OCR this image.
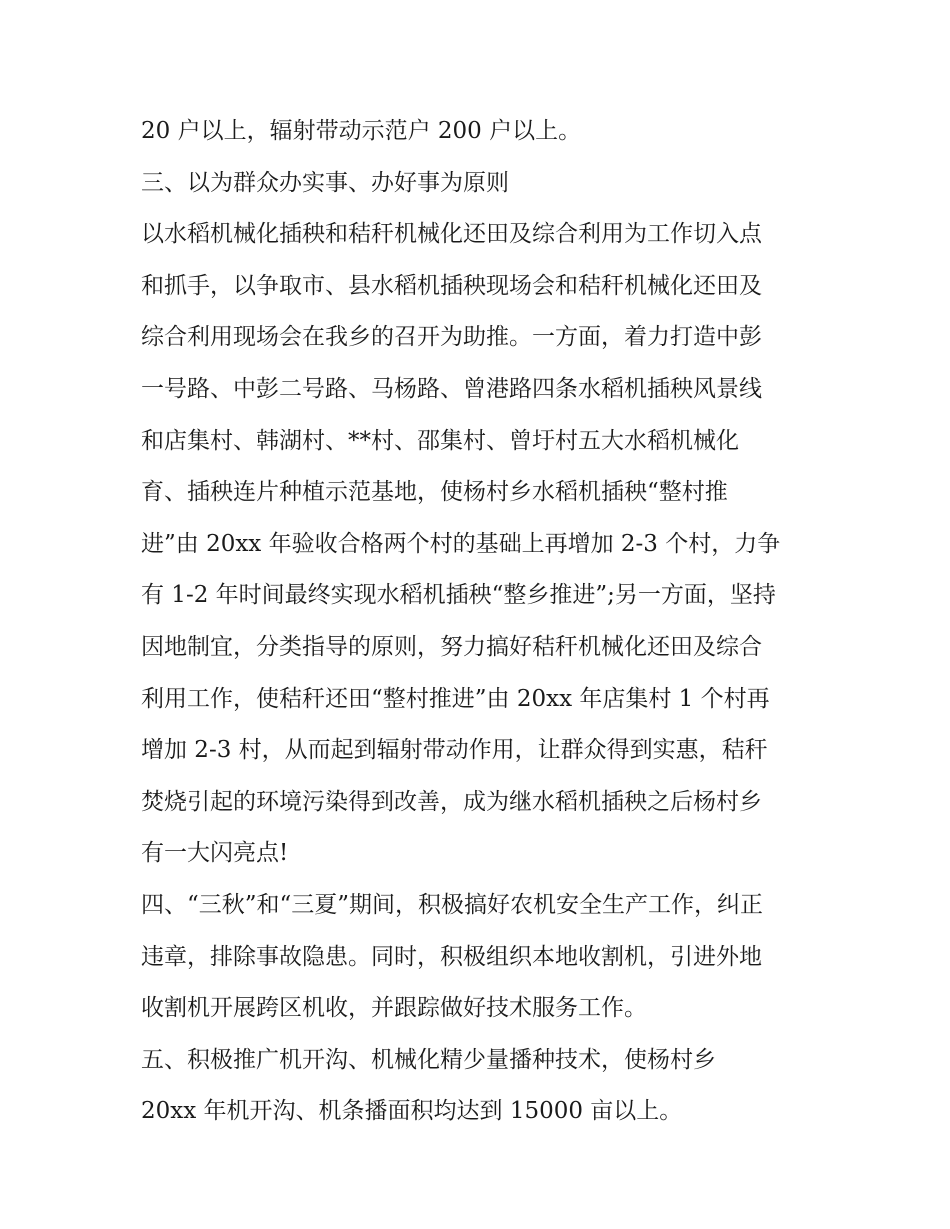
20 户以上，辐射带动示范户 200 户以上。
三、以为群众办实事、办好事为原则
以水稻机械化插秧和秸秆机械化还田及综合利用为工作切入点
和抓手，以争取市、县水稻机插秧现场会和秸秆机械化还田及
综合利用现场会在我乡的召开为助推。一方面，着力打造中彭
一号路、中彭二号路、马杨路、曾港路四条水稻机插秧风景线
和店集村、韩湖村、**村、邵集村、曾圩村五大水稻机械化
育、插秧连片种植示范基地，使杨村乡水稻机插秧“整村推
进”由 20xx 年验收合格两个村的基础上再增加 2-3 个村，力争
有 1-2 年时间最终实现水稻机插秧“整乡推进”;另一方面，坚持
因地制宜，分类指导的原则，努力搞好秸秆机械化还田及综合
利用工作，使秸秆还田“整村推进”由 20xx 年店集村 1 个村再
增加 2-3 村，从而起到辐射带动作用，让群众得到实惠，秸秆
焚烧引起的环境污染得到改善，成为继水稻机插秧之后杨村乡
有一大闪亮点!
四、“三秋”和“三夏”期间，积极搞好农机安全生产工作，纠正
违章，排除事故隐患。同时，积极组织本地收割机，引进外地
收割机开展跨区机收，并跟踪做好技术服务工作。
五、积极推广机开沟、机械化精少量播种技术，使杨村乡
20xx 年机开沟、机条播面积均达到 15000 亩以上。
